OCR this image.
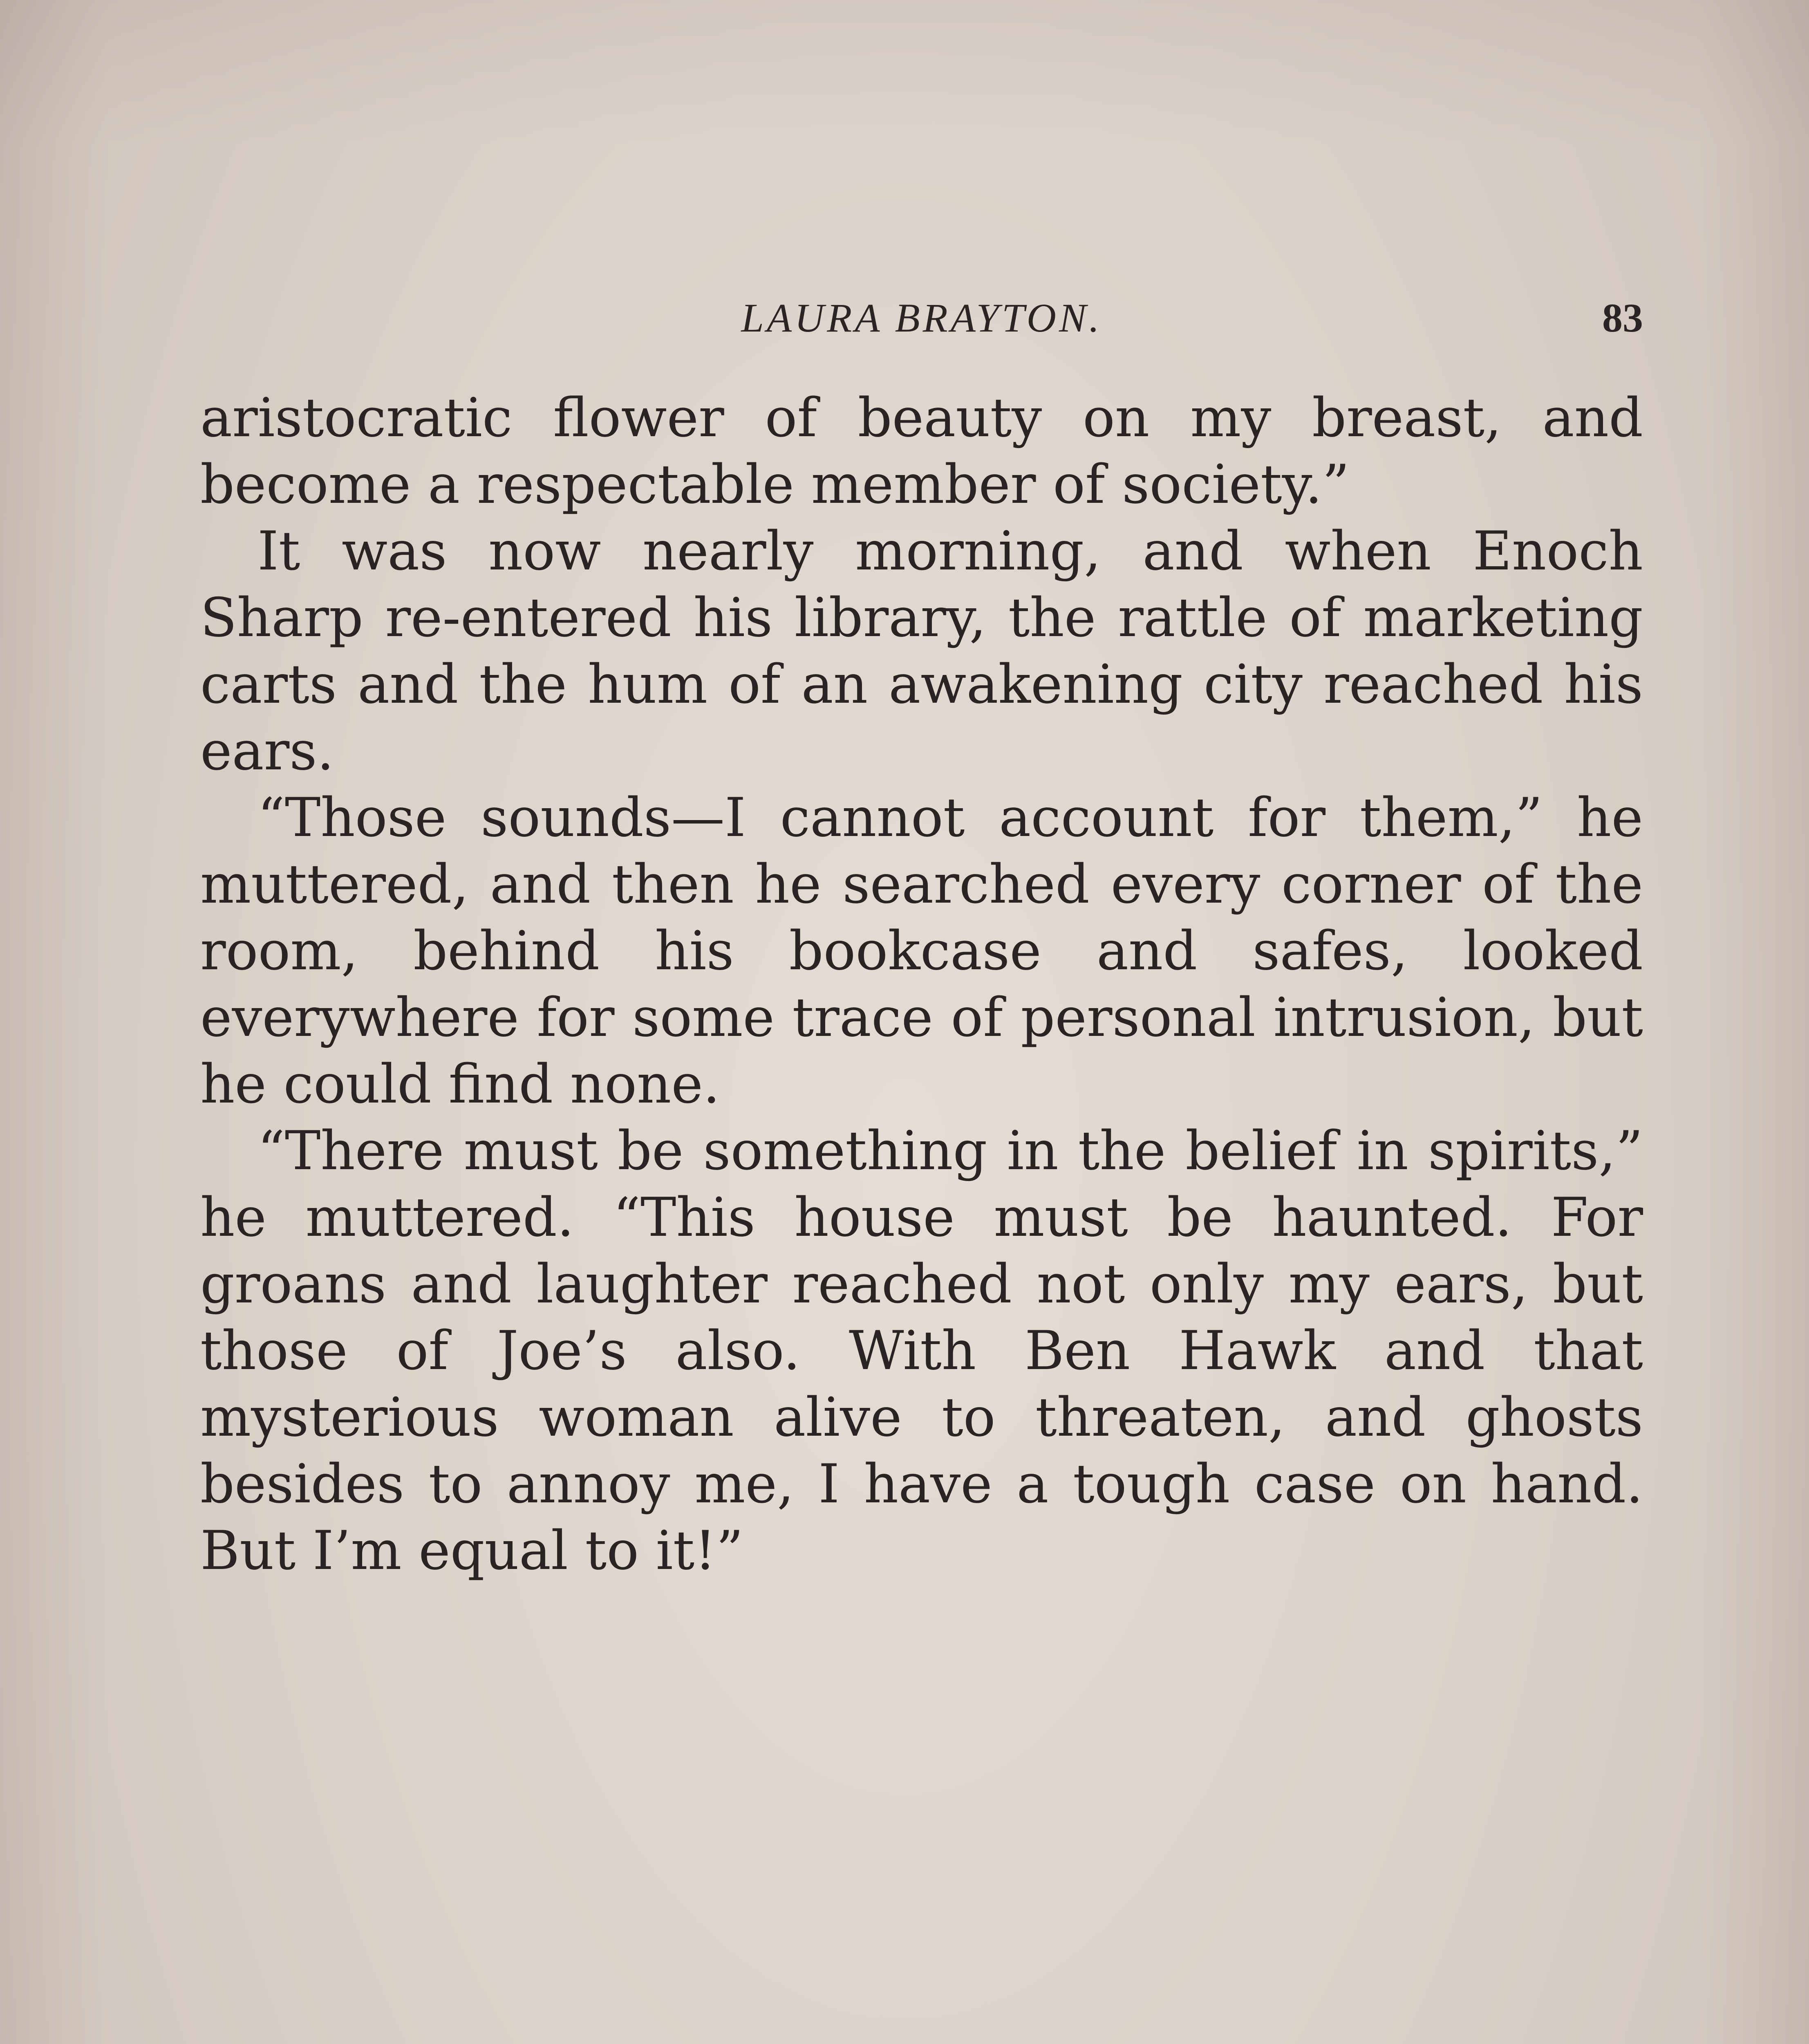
LAURA BRAYTON.	83

aristocratic flower of beauty on my breast, and become a respectable member of society.”

It was now nearly morning, and when Enoch Sharp re-entered his library, the rattle of marketing carts and the hum of an awakening city reached his ears.

“Those sounds—I cannot account for them,” he muttered, and then he searched every corner of the room, behind his bookcase and safes, looked everywhere for some trace of personal intrusion, but he could find none.

“There must be something in the belief in spirits,” he muttered. “This house must be haunted. For groans and laughter reached not only my ears, but those of Joe’s also. With Ben Hawk and that mysterious woman alive to threaten, and ghosts besides to annoy me, I have a tough case on hand. But I’m equal to it!”
